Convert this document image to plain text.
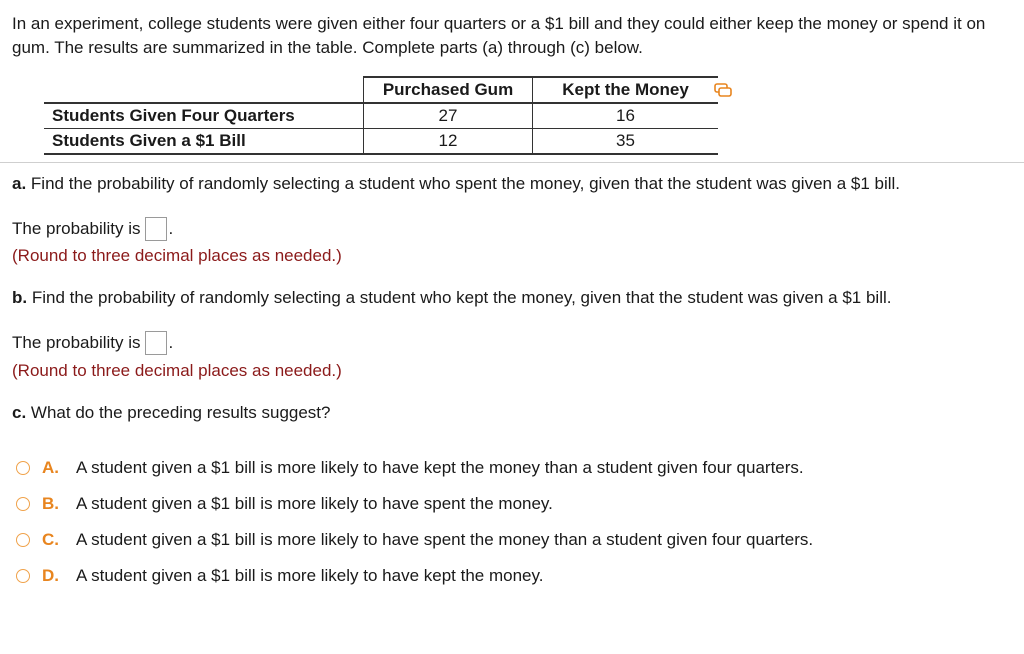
In an experiment, college students were given either four quarters or a $1 bill and they could either keep the money or spend it on gum. The results are summarized in the table. Complete parts (a) through (c) below.
	Purchased Gum	Kept the Money
Students Given Four Quarters	27	16
Students Given a $1 Bill	12	35
a. Find the probability of randomly selecting a student who spent the money, given that the student was given a $1 bill.
The probability is .
(Round to three decimal places as needed.)
b. Find the probability of randomly selecting a student who kept the money, given that the student was given a $1 bill.
The probability is .
(Round to three decimal places as needed.)
c. What do the preceding results suggest?
A.	A student given a $1 bill is more likely to have kept the money than a student given four quarters.
B.	A student given a $1 bill is more likely to have spent the money.
C.	A student given a $1 bill is more likely to have spent the money than a student given four quarters.
D.	A student given a $1 bill is more likely to have kept the money.
